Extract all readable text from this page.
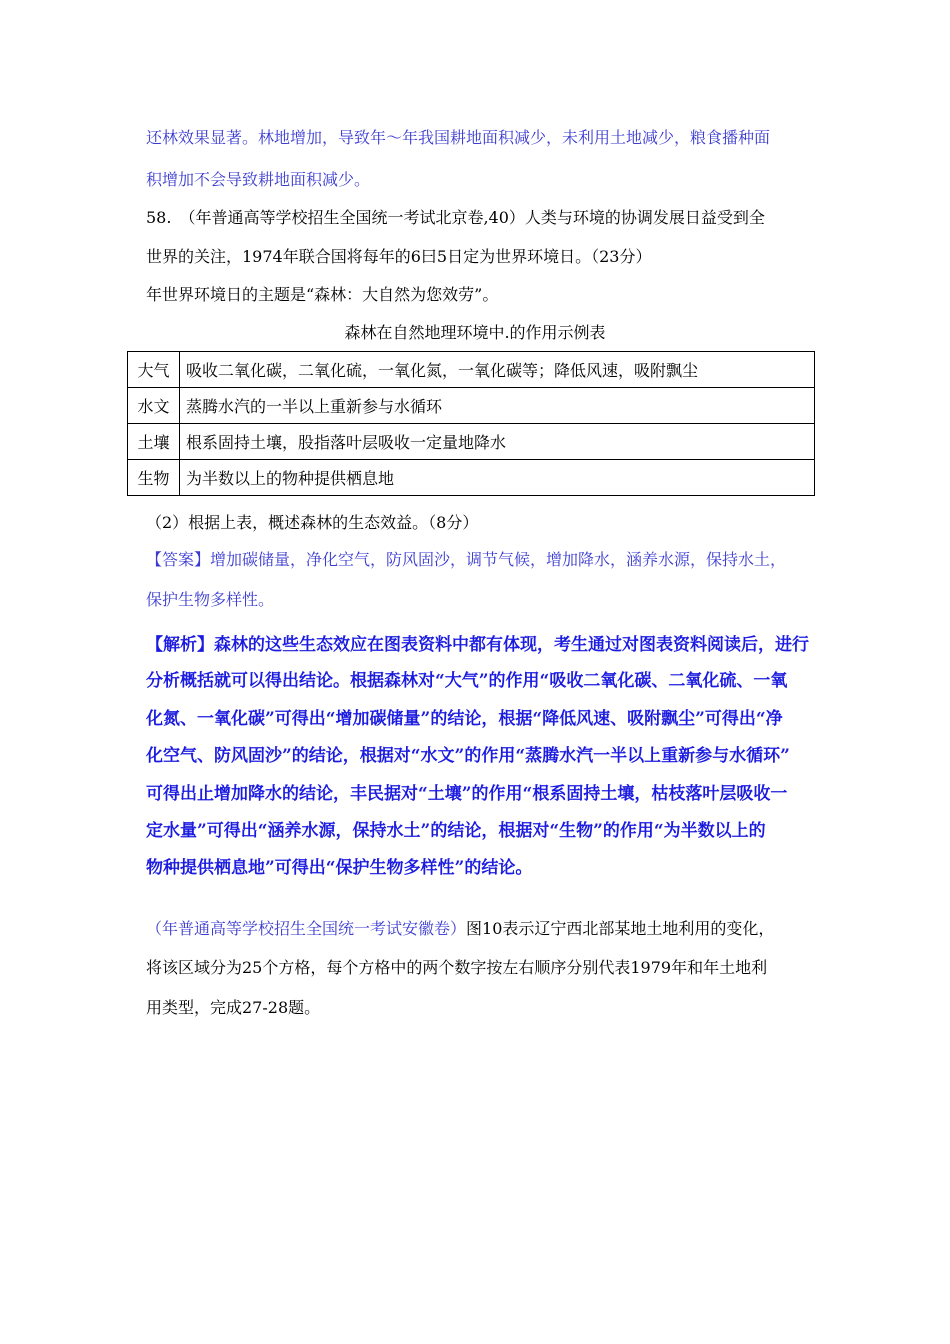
还林效果显著。林地增加，导致年～年我国耕地面积减少，未利用土地减少，粮食播种面
积增加不会导致耕地面积减少。
58.　（年普通高等学校招生全国统一考试北京卷,40）人类与环境的协调发展日益受到全
世界的关注，1974年联合国将每年的6曰5日定为世界环境日。（23分）
年世界环境日的主题是“森林：大自然为您效劳”。
森林在自然地理环境中.的作用示例表
大气	吸收二氧化碳，二氧化硫，一氧化氮，一氧化碳等；降低风速，吸附飘尘
水文	蒸腾水汽的一半以上重新参与水循环
土壤	根系固持土壤，股指落叶层吸收一定量地降水
生物	为半数以上的物种提供栖息地
（2）根据上表，概述森林的生态效益。（8分）
【答案】增加碳储量，净化空气，防风固沙，调节气候，增加降水，涵养水源，保持水土，
保护生物多样性。
【解析】森林的这些生态效应在图表资料中都有体现，考生通过对图表资料阅读后，进行
分析概括就可以得出结论。根据森林对“大气”的作用“吸收二氧化碳、二氧化硫、一氧
化氮、一氧化碳”可得出“增加碳储量”的结论，根据“降低风速、吸附飘尘”可得出“净
化空气、防风固沙”的结论，根据对“水文”的作用“蒸腾水汽一半以上重新参与水循环”
可得出止增加降水的结论，丰民据对“土壤”的作用“根系固持土壤，枯枝落叶层吸收一
定水量”可得出“涵养水源，保持水土”的结论，根据对“生物”的作用“为半数以上的
物种提供栖息地”可得出“保护生物多样性”的结论。
（年普通高等学校招生全国统一考试安徽卷）图10表示辽宁西北部某地土地利用的变化，
将该区域分为25个方格，每个方格中的两个数字按左右顺序分别代表1979年和年土地利
用类型，完成27-28题。
